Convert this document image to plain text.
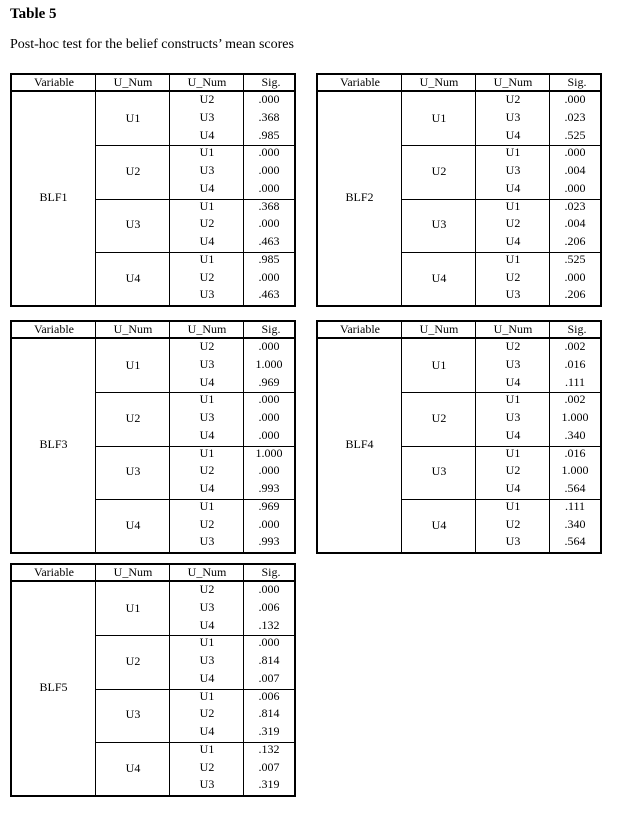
Table 5
Post-hoc test for the belief constructs’ mean scores
Variable	U_Num	U_Num	Sig.
BLF1
U1
U2	.000
U3	.368
U4	.985
U2
U1	.000
U3	.000
U4	.000
U3
U1	.368
U2	.000
U4	.463
U4
U1	.985
U2	.000
U3	.463
Variable	U_Num	U_Num	Sig.
BLF2
U1
U2	.000
U3	.023
U4	.525
U2
U1	.000
U3	.004
U4	.000
U3
U1	.023
U2	.004
U4	.206
U4
U1	.525
U2	.000
U3	.206
Variable	U_Num	U_Num	Sig.
BLF3
U1
U2	.000
U3	1.000
U4	.969
U2
U1	.000
U3	.000
U4	.000
U3
U1	1.000
U2	.000
U4	.993
U4
U1	.969
U2	.000
U3	.993
Variable	U_Num	U_Num	Sig.
BLF4
U1
U2	.002
U3	.016
U4	.111
U2
U1	.002
U3	1.000
U4	.340
U3
U1	.016
U2	1.000
U4	.564
U4
U1	.111
U2	.340
U3	.564
Variable	U_Num	U_Num	Sig.
BLF5
U1
U2	.000
U3	.006
U4	.132
U2
U1	.000
U3	.814
U4	.007
U3
U1	.006
U2	.814
U4	.319
U4
U1	.132
U2	.007
U3	.319
